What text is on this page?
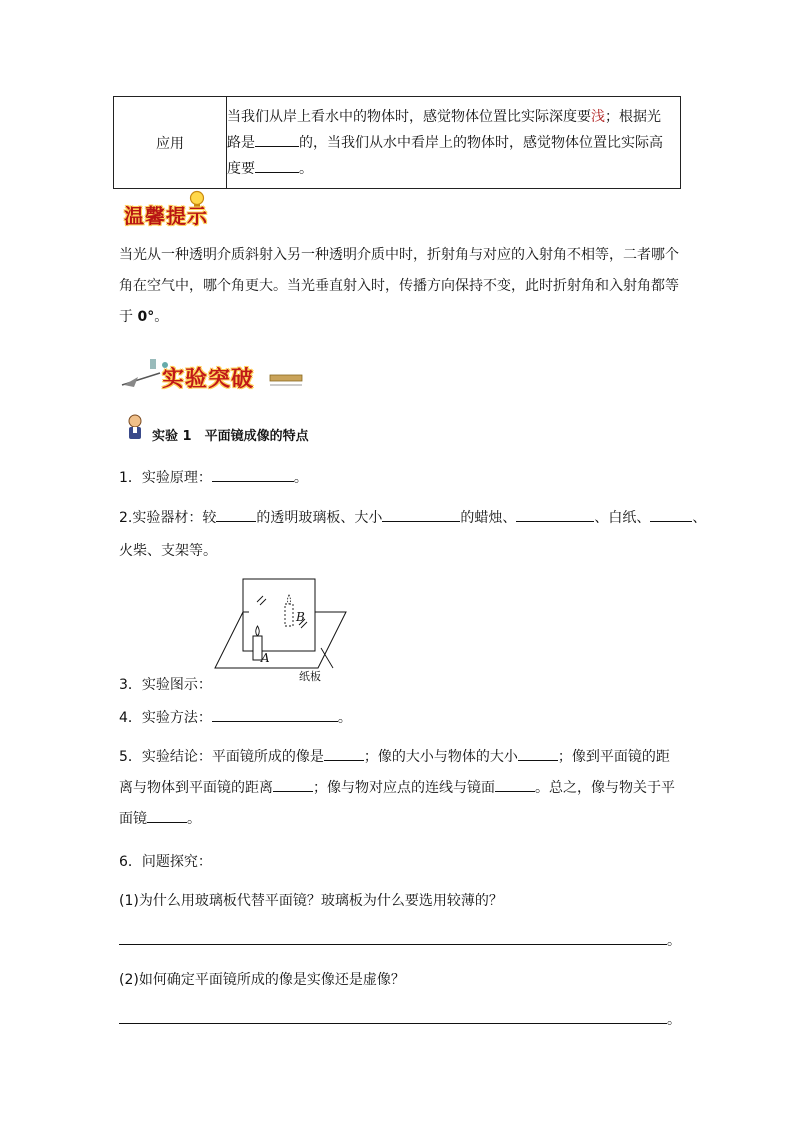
应用	
当我们从岸上看水中的物体时，感觉物体位置比实际深度要浅；根据光
路是	的，当我们从水中看岸上的物体时，感觉物体位置比实际高
度要	。
温馨提示
当光从一种透明介质斜射入另一种透明介质中时，折射角与对应的入射角不相等，二者哪个
角在空气中，哪个角更大。当光垂直射入时，传播方向保持不变，此时折射角和入射角都等
于 0°。
实验突破
实验 1　平面镜成像的特点
1．实验原理：	。
2.实验器材：较	的透明玻璃板、大小	的蜡烛、	、白纸、	、
火柴、支架等。
B
A
纸板
3．实验图示：
4．实验方法：	。
5．实验结论：平面镜所成的像是	；像的大小与物体的大小	；像到平面镜的距
离与物体到平面镜的距离	；像与物对应点的连线与镜面	。总之，像与物关于平
面镜	。
6．问题探究：
(1)为什么用玻璃板代替平面镜？玻璃板为什么要选用较薄的？
。
(2)如何确定平面镜所成的像是实像还是虚像？
。
